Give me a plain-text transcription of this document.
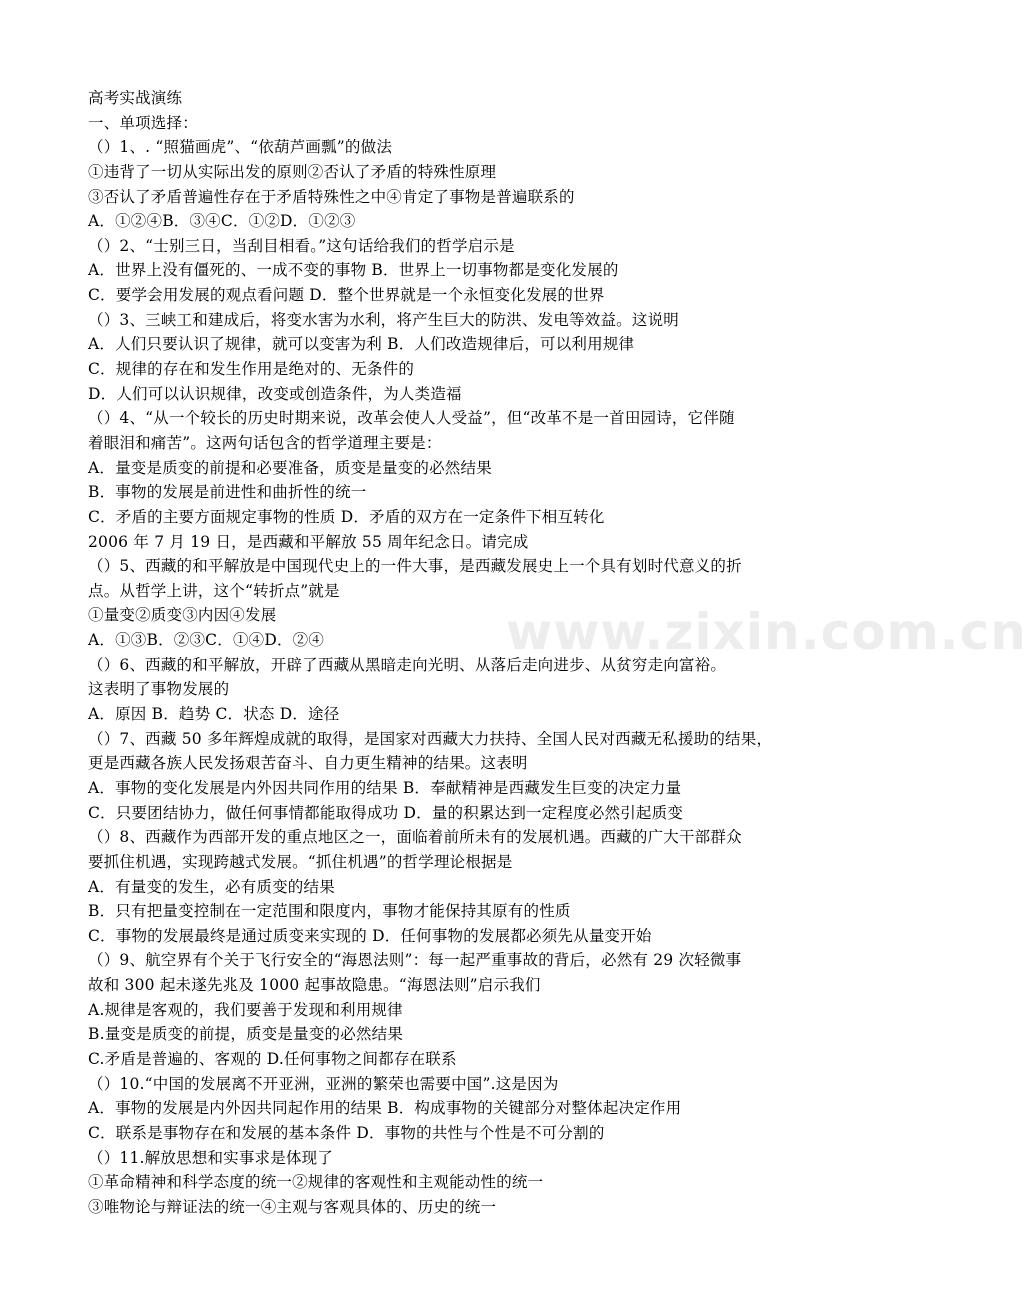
高考实战演练
一、单项选择：
（）1、. “照猫画虎”、“依葫芦画瓢”的做法
①违背了一切从实际出发的原则②否认了矛盾的特殊性原理
③否认了矛盾普遍性存在于矛盾特殊性之中④肯定了事物是普遍联系的
A．①②④B．③④C．①②D．①②③
（）2、“士别三日，当刮目相看。”这句话给我们的哲学启示是
A．世界上没有僵死的、一成不变的事物 B．世界上一切事物都是变化发展的
C．要学会用发展的观点看问题 D．整个世界就是一个永恒变化发展的世界
（）3、三峡工和建成后，将变水害为水利，将产生巨大的防洪、发电等效益。这说明
A．人们只要认识了规律，就可以变害为利 B．人们改造规律后，可以利用规律
C．规律的存在和发生作用是绝对的、无条件的
D．人们可以认识规律，改变或创造条件，为人类造福
（）4、“从一个较长的历史时期来说，改革会使人人受益”，但“改革不是一首田园诗，它伴随
着眼泪和痛苦”。这两句话包含的哲学道理主要是：
A．量变是质变的前提和必要准备，质变是量变的必然结果
B．事物的发展是前进性和曲折性的统一
C．矛盾的主要方面规定事物的性质 D．矛盾的双方在一定条件下相互转化
2006 年 7 月 19 日，是西藏和平解放 55 周年纪念日。请完成
（）5、西藏的和平解放是中国现代史上的一件大事，是西藏发展史上一个具有划时代意义的折
点。从哲学上讲，这个“转折点”就是
①量变②质变③内因④发展
A．①③B．②③C．①④D．②④
（）6、西藏的和平解放，开辟了西藏从黑暗走向光明、从落后走向进步、从贫穷走向富裕。
这表明了事物发展的
A．原因 B．趋势 C．状态 D．途径
（）7、西藏 50 多年辉煌成就的取得，是国家对西藏大力扶持、全国人民对西藏无私援助的结果，
更是西藏各族人民发扬艰苦奋斗、自力更生精神的结果。这表明
A．事物的变化发展是内外因共同作用的结果 B．奉献精神是西藏发生巨变的决定力量
C．只要团结协力，做任何事情都能取得成功 D．量的积累达到一定程度必然引起质变
（）8、西藏作为西部开发的重点地区之一，面临着前所未有的发展机遇。西藏的广大干部群众
要抓住机遇，实现跨越式发展。“抓住机遇”的哲学理论根据是
A．有量变的发生，必有质变的结果
B．只有把量变控制在一定范围和限度内，事物才能保持其原有的性质
C．事物的发展最终是通过质变来实现的 D．任何事物的发展都必须先从量变开始
（）9、航空界有个关于飞行安全的“海恩法则”：每一起严重事故的背后，必然有 29 次轻微事
故和 300 起未遂先兆及 1000 起事故隐患。“海恩法则”启示我们
A.规律是客观的，我们要善于发现和利用规律
B.量变是质变的前提，质变是量变的必然结果
C.矛盾是普遍的、客观的 D.任何事物之间都存在联系
（）10.“中国的发展离不开亚洲，亚洲的繁荣也需要中国”.这是因为
A．事物的发展是内外因共同起作用的结果 B．构成事物的关键部分对整体起决定作用
C．联系是事物存在和发展的基本条件 D．事物的共性与个性是不可分割的
（）11.解放思想和实事求是体现了
①革命精神和科学态度的统一②规律的客观性和主观能动性的统一
③唯物论与辩证法的统一④主观与客观具体的、历史的统一
www.zixin.com.cn
